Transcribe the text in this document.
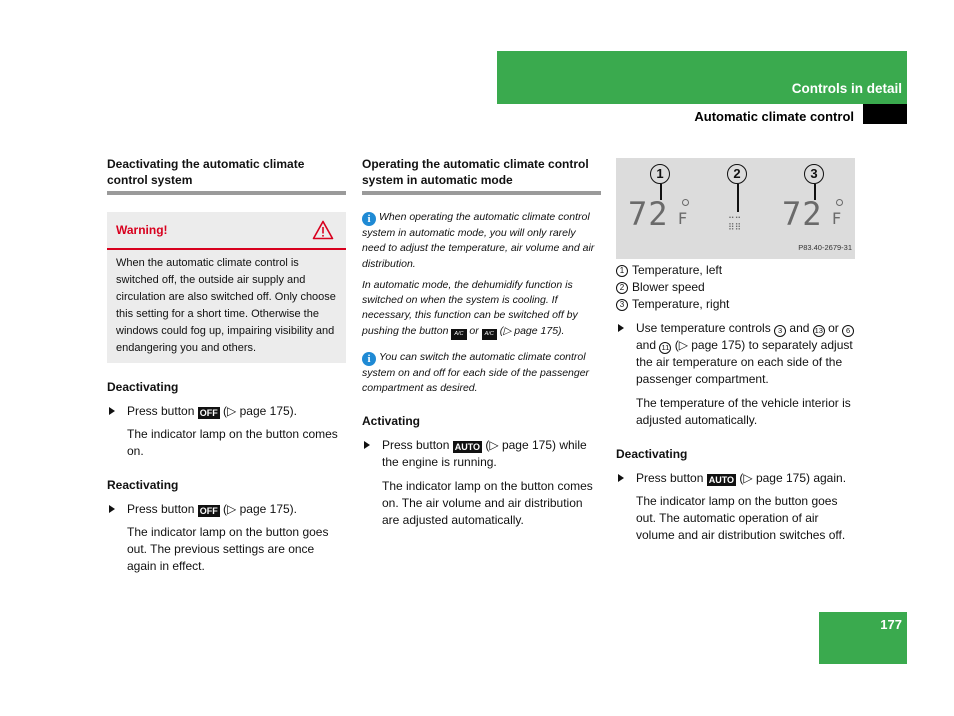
Controls in detail
Automatic climate control
Deactivating the automatic climate control system
Warning!
When the automatic climate control is switched off, the outside air supply and circulation are also switched off. Only choose this setting for a short time. Otherwise the windows could fog up, impairing visibility and endangering you and others.
Deactivating
Press button OFF (▷ page 175).
The indicator lamp on the button comes on.
Reactivating
Press button OFF (▷ page 175).
The indicator lamp on the button goes out. The previous settings are once again in effect.
Operating the automatic climate control system in automatic mode
i When operating the automatic climate control system in automatic mode, you will only rarely need to adjust the temperature, air volume and air distribution.
In automatic mode, the dehumidify function is switched on when the system is cooling. If necessary, this function can be switched off by pushing the button A/C or A/C (▷ page 175).
i You can switch the automatic climate control system on and off for each side of the passenger compartment as desired.
Activating
Press button AUTO (▷ page 175) while the engine is running.
The indicator lamp on the button comes on. The air volume and air distribution are adjusted automatically.
1	2	3
72 F	⠒⠒
⠿⠿ 72 F
P83.40-2679-31
1 Temperature, left
2 Blower speed
3 Temperature, right
Use temperature controls 3 and 13 or 6 and 11 (▷ page 175) to separately adjust the air temperature on each side of the passenger compartment.
The temperature of the vehicle interior is adjusted automatically.
Deactivating
Press button AUTO (▷ page 175) again.
The indicator lamp on the button goes out. The automatic operation of air volume and air distribution switches off.
177
